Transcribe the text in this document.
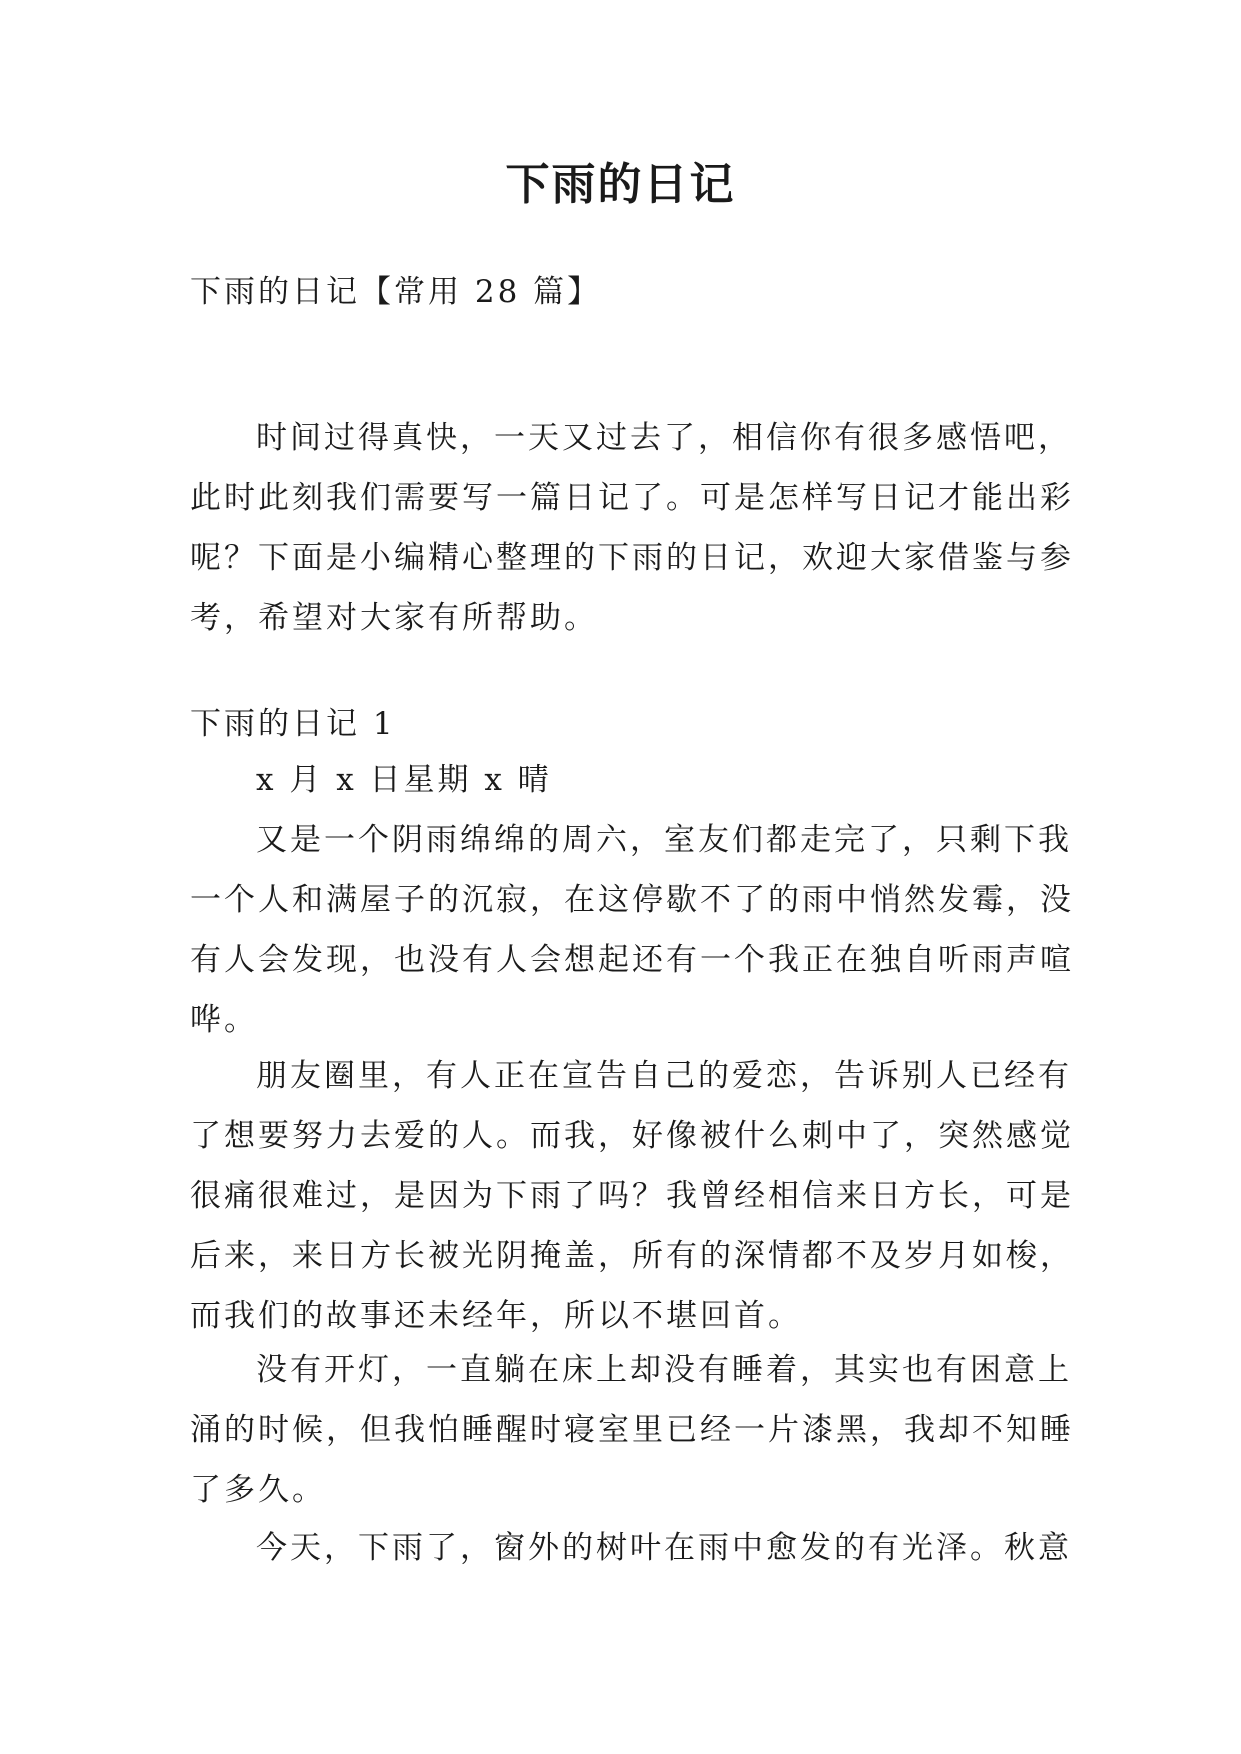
下雨的日记

下雨的日记【常用 28 篇】

时间过得真快，一天又过去了，相信你有很多感悟吧，
此时此刻我们需要写一篇日记了。可是怎样写日记才能出彩
呢？下面是小编精心整理的下雨的日记，欢迎大家借鉴与参
考，希望对大家有所帮助。

下雨的日记 1

x 月 x 日星期 x 晴

又是一个阴雨绵绵的周六，室友们都走完了，只剩下我
一个人和满屋子的沉寂，在这停歇不了的雨中悄然发霉，没
有人会发现，也没有人会想起还有一个我正在独自听雨声喧
哗。

朋友圈里，有人正在宣告自己的爱恋，告诉别人已经有
了想要努力去爱的人。而我，好像被什么刺中了，突然感觉
很痛很难过，是因为下雨了吗？我曾经相信来日方长，可是
后来，来日方长被光阴掩盖，所有的深情都不及岁月如梭，
而我们的故事还未经年，所以不堪回首。

没有开灯，一直躺在床上却没有睡着，其实也有困意上
涌的时候，但我怕睡醒时寝室里已经一片漆黑，我却不知睡
了多久。

今天，下雨了，窗外的树叶在雨中愈发的有光泽。秋意
